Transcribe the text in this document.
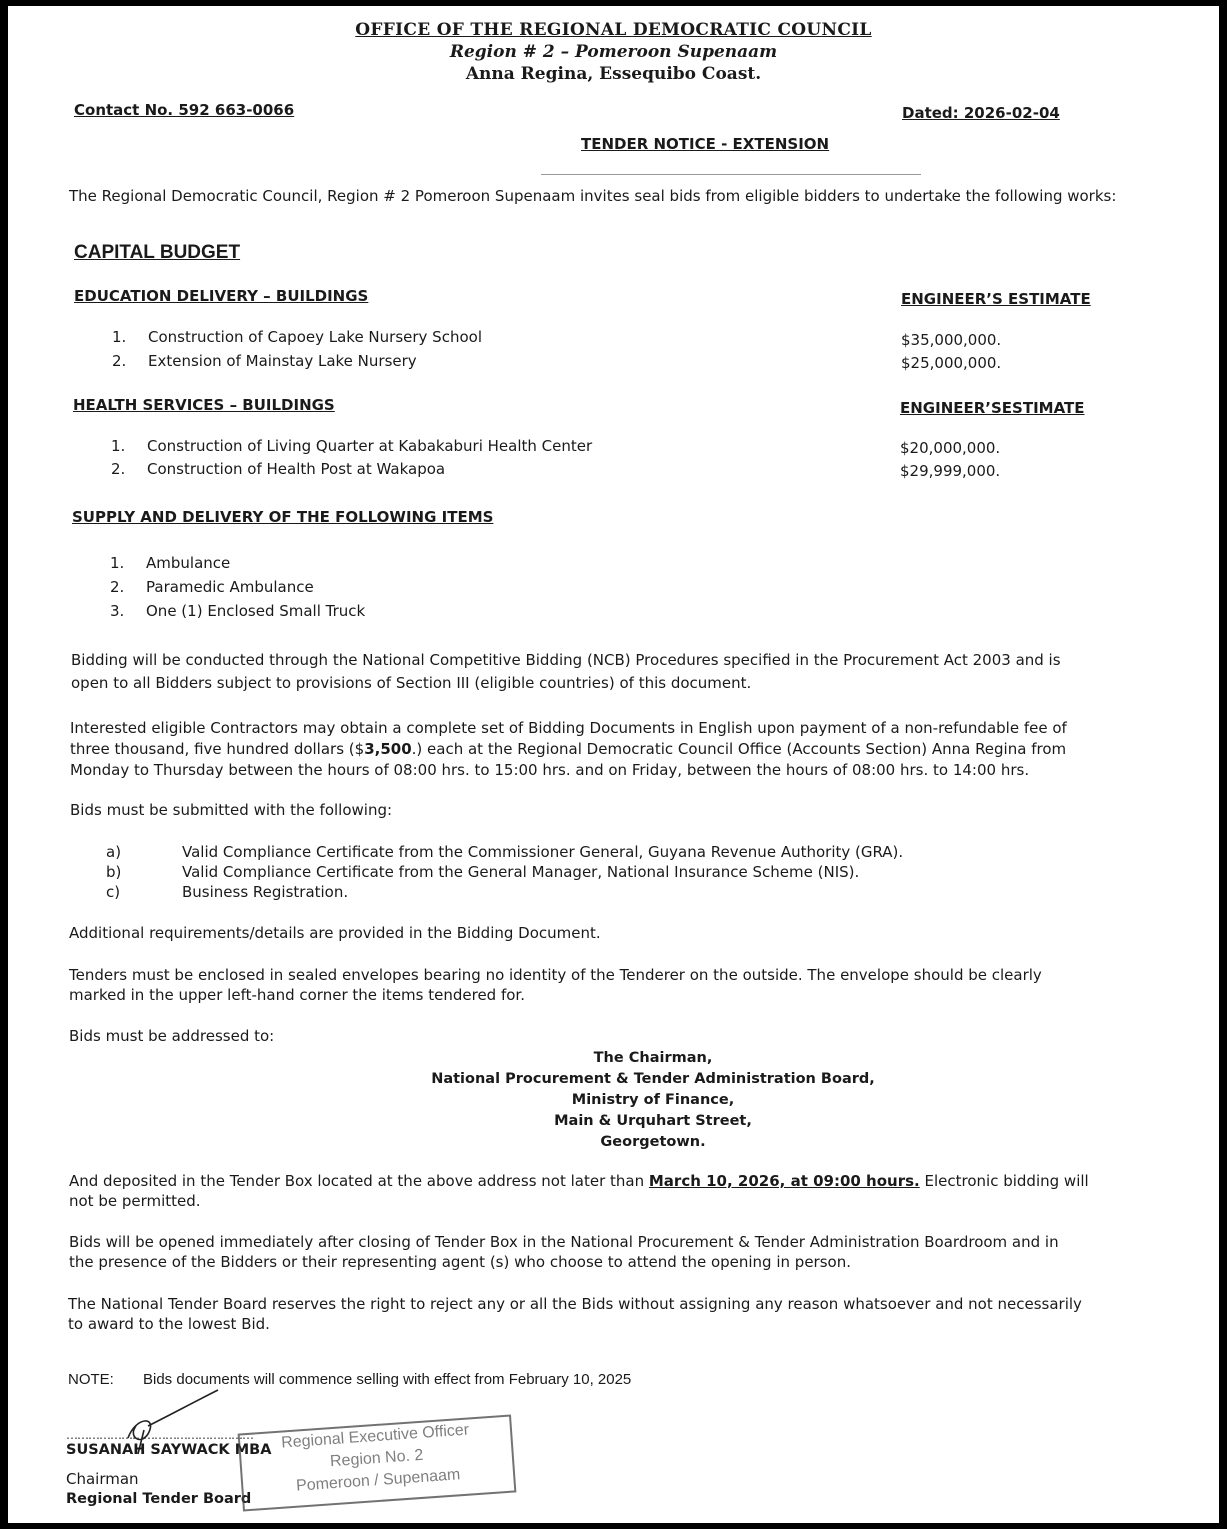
OFFICE OF THE REGIONAL DEMOCRATIC COUNCIL
Region # 2 – Pomeroon Supenaam
Anna Regina, Essequibo Coast.
Contact No. 592 663-0066	Dated: 2026-02-04
TENDER NOTICE - EXTENSION
The Regional Democratic Council, Region # 2 Pomeroon Supenaam invites seal bids from eligible bidders to undertake the following works:
CAPITAL BUDGET
EDUCATION DELIVERY – BUILDINGS	ENGINEER’S ESTIMATE
1. Construction of Capoey Lake Nursery School	$35,000,000.
2. Extension of Mainstay Lake Nursery	$25,000,000.
HEALTH SERVICES – BUILDINGS	ENGINEER’SESTIMATE
1. Construction of Living Quarter at Kabakaburi Health Center	$20,000,000.
2. Construction of Health Post at Wakapoa	$29,999,000.
SUPPLY AND DELIVERY OF THE FOLLOWING ITEMS
1. Ambulance
2. Paramedic Ambulance
3. One (1) Enclosed Small Truck
Bidding will be conducted through the National Competitive Bidding (NCB) Procedures specified in the Procurement Act 2003 and is
open to all Bidders subject to provisions of Section III (eligible countries) of this document.
Interested eligible Contractors may obtain a complete set of Bidding Documents in English upon payment of a non-refundable fee of
three thousand, five hundred dollars ($3,500.) each at the Regional Democratic Council Office (Accounts Section) Anna Regina from
Monday to Thursday between the hours of 08:00 hrs. to 15:00 hrs. and on Friday, between the hours of 08:00 hrs. to 14:00 hrs.
Bids must be submitted with the following:
a)	Valid Compliance Certificate from the Commissioner General, Guyana Revenue Authority (GRA).
b)	Valid Compliance Certificate from the General Manager, National Insurance Scheme (NIS).
c)	Business Registration.
Additional requirements/details are provided in the Bidding Document.
Tenders must be enclosed in sealed envelopes bearing no identity of the Tenderer on the outside. The envelope should be clearly
marked in the upper left-hand corner the items tendered for.
Bids must be addressed to:
The Chairman,
National Procurement & Tender Administration Board,
Ministry of Finance,
Main & Urquhart Street,
Georgetown.
And deposited in the Tender Box located at the above address not later than March 10, 2026, at 09:00 hours. Electronic bidding will
not be permitted.
Bids will be opened immediately after closing of Tender Box in the National Procurement & Tender Administration Boardroom and in
the presence of the Bidders or their representing agent (s) who choose to attend the opening in person.
The National Tender Board reserves the right to reject any or all the Bids without assigning any reason whatsoever and not necessarily
to award to the lowest Bid.
NOTE: Bids documents will commence selling with effect from February 10, 2025
……………………………………………
SUSANAH SAYWACK MBA
Chairman
Regional Tender Board
Regional Executive Officer
Region No. 2
Pomeroon / Supenaam
